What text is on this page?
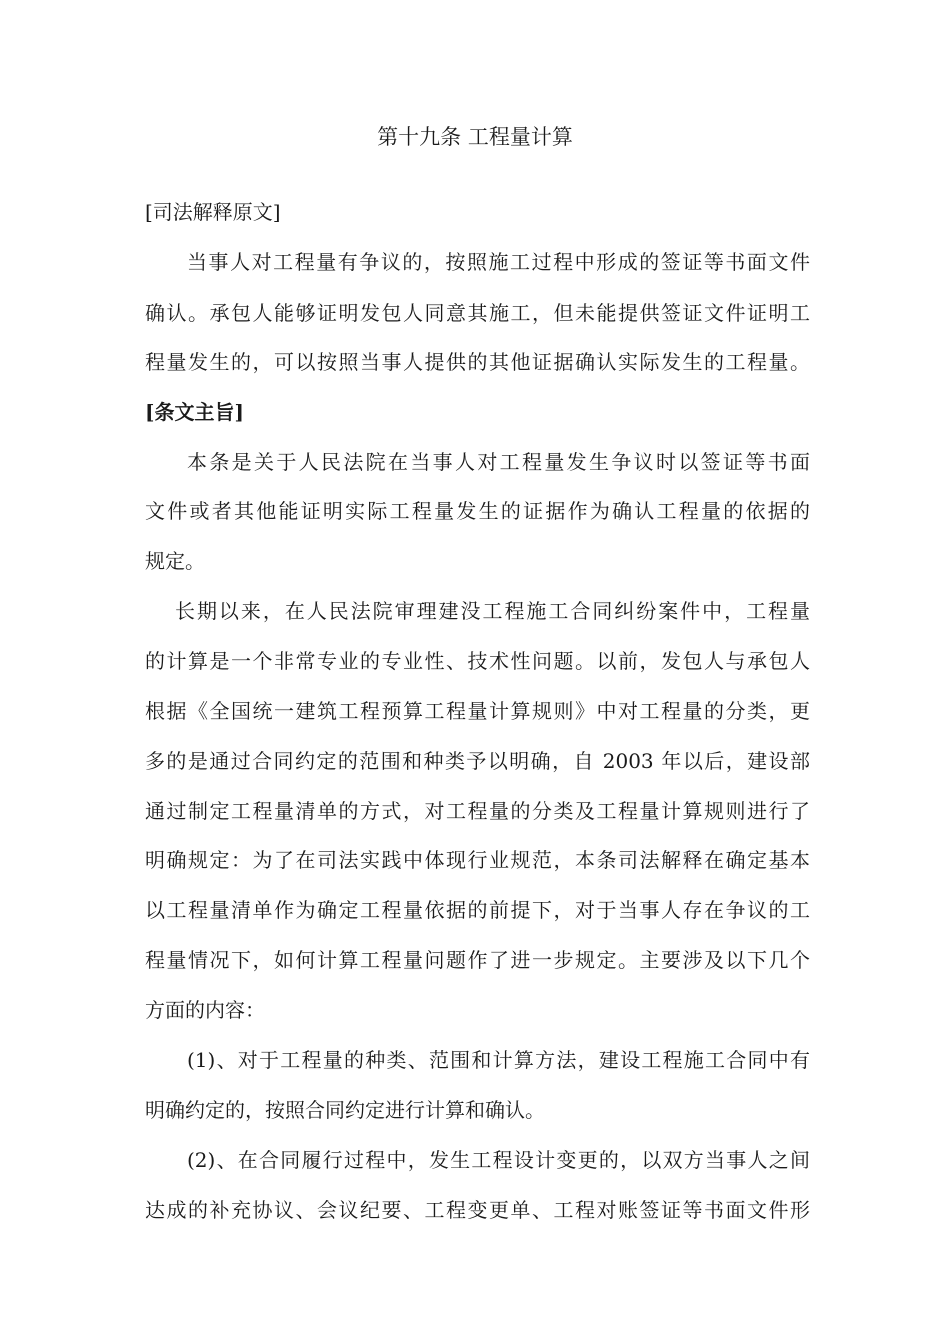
第十九条 工程量计算

[司法解释原文]

当事人对工程量有争议的，按照施工过程中形成的签证等书面文件

确认。承包人能够证明发包人同意其施工，但未能提供签证文件证明工

程量发生的，可以按照当事人提供的其他证据确认实际发生的工程量。

[条文主旨]

本条是关于人民法院在当事人对工程量发生争议时以签证等书面

文件或者其他能证明实际工程量发生的证据作为确认工程量的依据的

规定。

长期以来，在人民法院审理建没工程施工合同纠纷案件中，工程量

的计算是一个非常专业的专业性、技术性问题。以前，发包人与承包人

根据《全国统一建筑工程预算工程量计算规则》中对工程量的分类，更

多的是通过合同约定的范围和种类予以明确，自 2003 年以后，建设部

通过制定工程量清单的方式，对工程量的分类及工程量计算规则进行了

明确规定：为了在司法实践中体现行业规范，本条司法解释在确定基本

以工程量清单作为确定工程量依据的前提下，对于当事人存在争议的工

程量情况下，如何计算工程量问题作了进一步规定。主要涉及以下几个

方面的内容：

(1)、对于工程量的种类、范围和计算方法，建设工程施工合同中有

明确约定的，按照合同约定进行计算和确认。

(2)、在合同履行过程中，发生工程设计变更的，以双方当事人之间

达成的补充协议、会议纪要、工程变更单、工程对账签证等书面文件形
